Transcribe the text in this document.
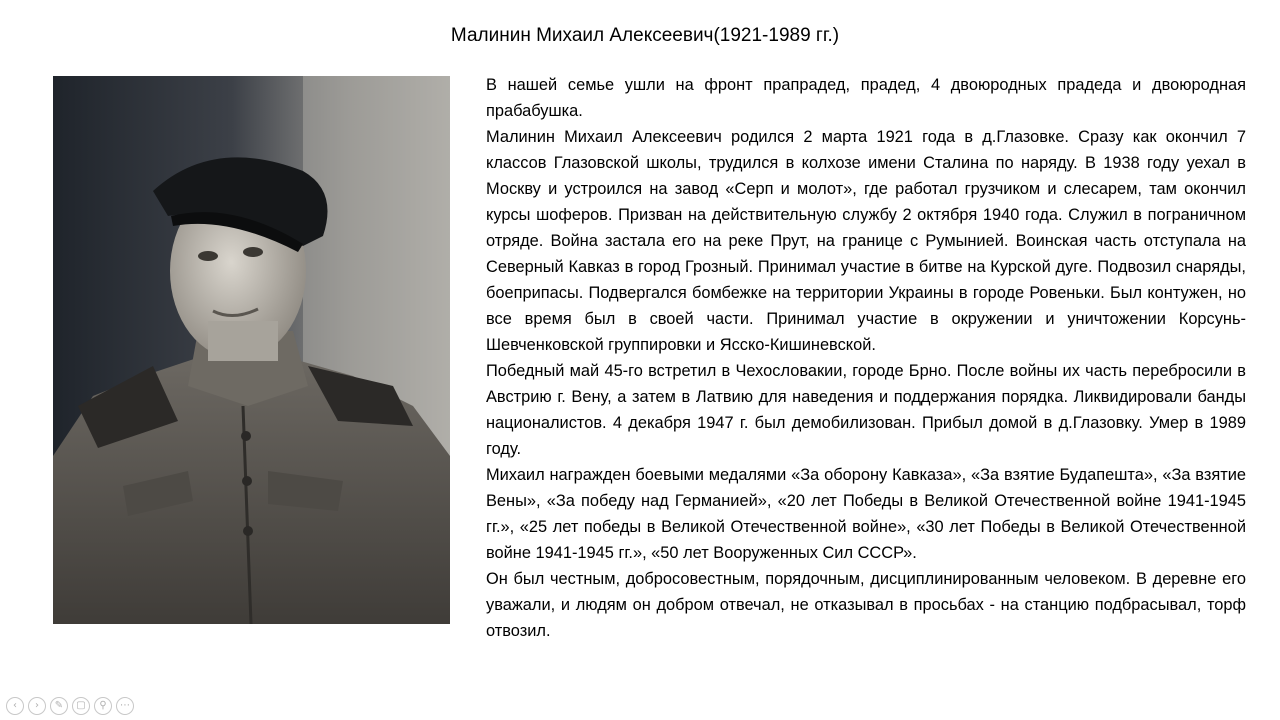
Малинин Михаил Алексеевич(1921-1989 гг.)

В нашей семье ушли на фронт прапрадед, прадед, 4 двоюродных прадеда и двоюродная прабабушка.

Малинин Михаил Алексеевич родился 2 марта 1921 года в д.Глазовке. Сразу как окончил 7 классов Глазовской школы, трудился в колхозе имени Сталина по наряду. В 1938 году уехал в Москву и устроился на завод «Серп и молот», где работал грузчиком и слесарем, там окончил курсы шоферов. Призван на действительную службу 2 октября 1940 года. Служил в пограничном отряде. Война застала его на реке Прут, на границе с Румынией. Воинская часть отступала на Северный Кавказ в город Грозный. Принимал участие в битве на Курской дуге. Подвозил снаряды, боеприпасы. Подвергался бомбежке на территории Украины в городе Ровеньки. Был контужен, но все время был в своей части. Принимал участие в окружении и уничтожении Корсунь-Шевченковской группировки и Ясско-Кишиневской.

Победный май 45-го встретил в Чехословакии, городе Брно. После войны их часть перебросили в Австрию г. Вену, а затем в Латвию для наведения и поддержания порядка. Ликвидировали банды националистов. 4 декабря 1947 г. был демобилизован. Прибыл домой в д.Глазовку. Умер в 1989 году.

Михаил награжден боевыми медалями «За оборону Кавказа», «За взятие Будапешта», «За взятие Вены», «За победу над Германией», «20 лет Победы в Великой Отечественной войне 1941-1945 гг.», «25 лет победы в Великой Отечественной войне», «30 лет Победы в Великой Отечественной войне 1941-1945 гг.», «50 лет Вооруженных Сил СССР».

Он был честным, добросовестным, порядочным, дисциплинированным человеком. В деревне его уважали, и людям он добром отвечал, не отказывал в просьбах - на станцию подбрасывал, торф отвозил.

‹	›	✎	▢	⚲	⋯
